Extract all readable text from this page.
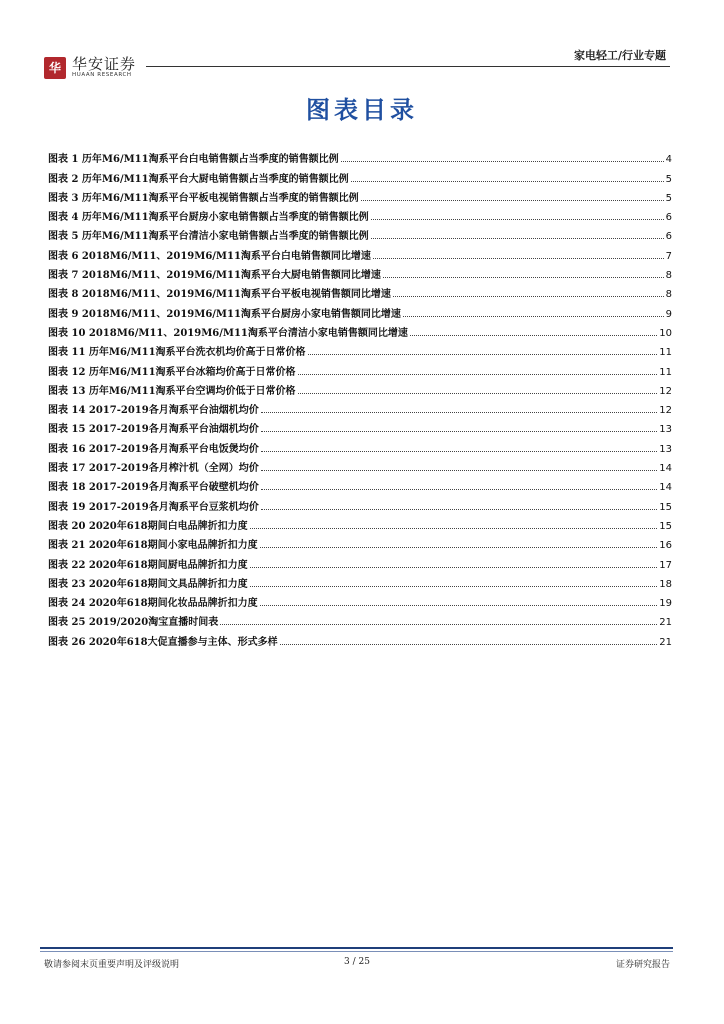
华 华安证券
HUAAN RESEARCH
家电轻工/行业专题
图表目录
图表 1 历年M6/M11淘系平台白电销售额占当季度的销售额比例	4
图表 2 历年M6/M11淘系平台大厨电销售额占当季度的销售额比例	5
图表 3 历年M6/M11淘系平台平板电视销售额占当季度的销售额比例	5
图表 4 历年M6/M11淘系平台厨房小家电销售额占当季度的销售额比例	6
图表 5 历年M6/M11淘系平台清洁小家电销售额占当季度的销售额比例	6
图表 6 2018M6/M11、2019M6/M11淘系平台白电销售额同比增速	7
图表 7 2018M6/M11、2019M6/M11淘系平台大厨电销售额同比增速	8
图表 8 2018M6/M11、2019M6/M11淘系平台平板电视销售额同比增速	8
图表 9 2018M6/M11、2019M6/M11淘系平台厨房小家电销售额同比增速	9
图表 10 2018M6/M11、2019M6/M11淘系平台清洁小家电销售额同比增速	10
图表 11 历年M6/M11淘系平台洗衣机均价高于日常价格	11
图表 12 历年M6/M11淘系平台冰箱均价高于日常价格	11
图表 13 历年M6/M11淘系平台空调均价低于日常价格	12
图表 14 2017-2019各月淘系平台油烟机均价	12
图表 15 2017-2019各月淘系平台油烟机均价	13
图表 16 2017-2019各月淘系平台电饭煲均价	13
图表 17 2017-2019各月榨汁机（全网）均价	14
图表 18 2017-2019各月淘系平台破壁机均价	14
图表 19 2017-2019各月淘系平台豆浆机均价	15
图表 20 2020年618期间白电品牌折扣力度	15
图表 21 2020年618期间小家电品牌折扣力度	16
图表 22 2020年618期间厨电品牌折扣力度	17
图表 23 2020年618期间文具品牌折扣力度	18
图表 24 2020年618期间化妆品品牌折扣力度	19
图表 25 2019/2020淘宝直播时间表	21
图表 26 2020年618大促直播参与主体、形式多样	21
敬请参阅末页重要声明及评级说明	3 / 25	证券研究报告
